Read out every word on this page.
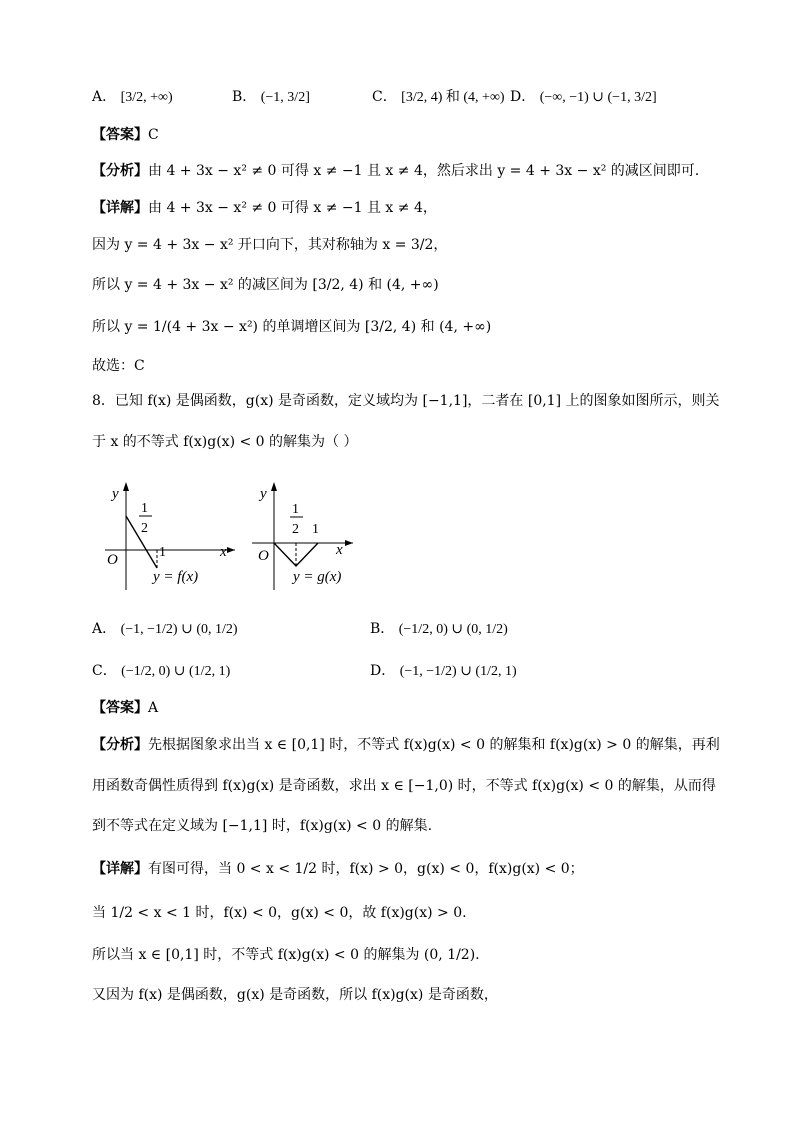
A． [3/2, +∞)	B． (−1, 3/2]	C． [3/2, 4) 和 (4, +∞) D． (−∞, −1) ∪ (−1, 3/2]
【答案】C
【分析】由 4 + 3x − x² ≠ 0 可得 x ≠ −1 且 x ≠ 4，然后求出 y = 4 + 3x − x² 的减区间即可.
【详解】由 4 + 3x − x² ≠ 0 可得 x ≠ −1 且 x ≠ 4，
因为 y = 4 + 3x − x² 开口向下，其对称轴为 x = 3/2，
所以 y = 4 + 3x − x² 的减区间为 [3/2, 4) 和 (4, +∞)
所以 y = 1/(4 + 3x − x²) 的单调增区间为 [3/2, 4) 和 (4, +∞)
故选：C
8．已知 f(x) 是偶函数，g(x) 是奇函数，定义域均为 [−1,1]，二者在 [0,1] 上的图象如图所示，则关
于 x 的不等式 f(x)g(x) < 0 的解集为（ ）
y
x
O
1
2
1
y = f(x)
y
x
O
1
2 1
y = g(x)
A． (−1, −1/2) ∪ (0, 1/2)	B． (−1/2, 0) ∪ (0, 1/2)
C． (−1/2, 0) ∪ (1/2, 1)	D． (−1, −1/2) ∪ (1/2, 1)
【答案】A
【分析】先根据图象求出当 x ∈ [0,1] 时，不等式 f(x)g(x) < 0 的解集和 f(x)g(x) > 0 的解集，再利
用函数奇偶性质得到 f(x)g(x) 是奇函数，求出 x ∈ [−1,0) 时，不等式 f(x)g(x) < 0 的解集，从而得
到不等式在定义域为 [−1,1] 时，f(x)g(x) < 0 的解集.
【详解】有图可得，当 0 < x < 1/2 时，f(x) > 0，g(x) < 0，f(x)g(x) < 0；
当 1/2 < x < 1 时，f(x) < 0，g(x) < 0，故 f(x)g(x) > 0.
所以当 x ∈ [0,1] 时，不等式 f(x)g(x) < 0 的解集为 (0, 1/2).
又因为 f(x) 是偶函数，g(x) 是奇函数，所以 f(x)g(x) 是奇函数，
